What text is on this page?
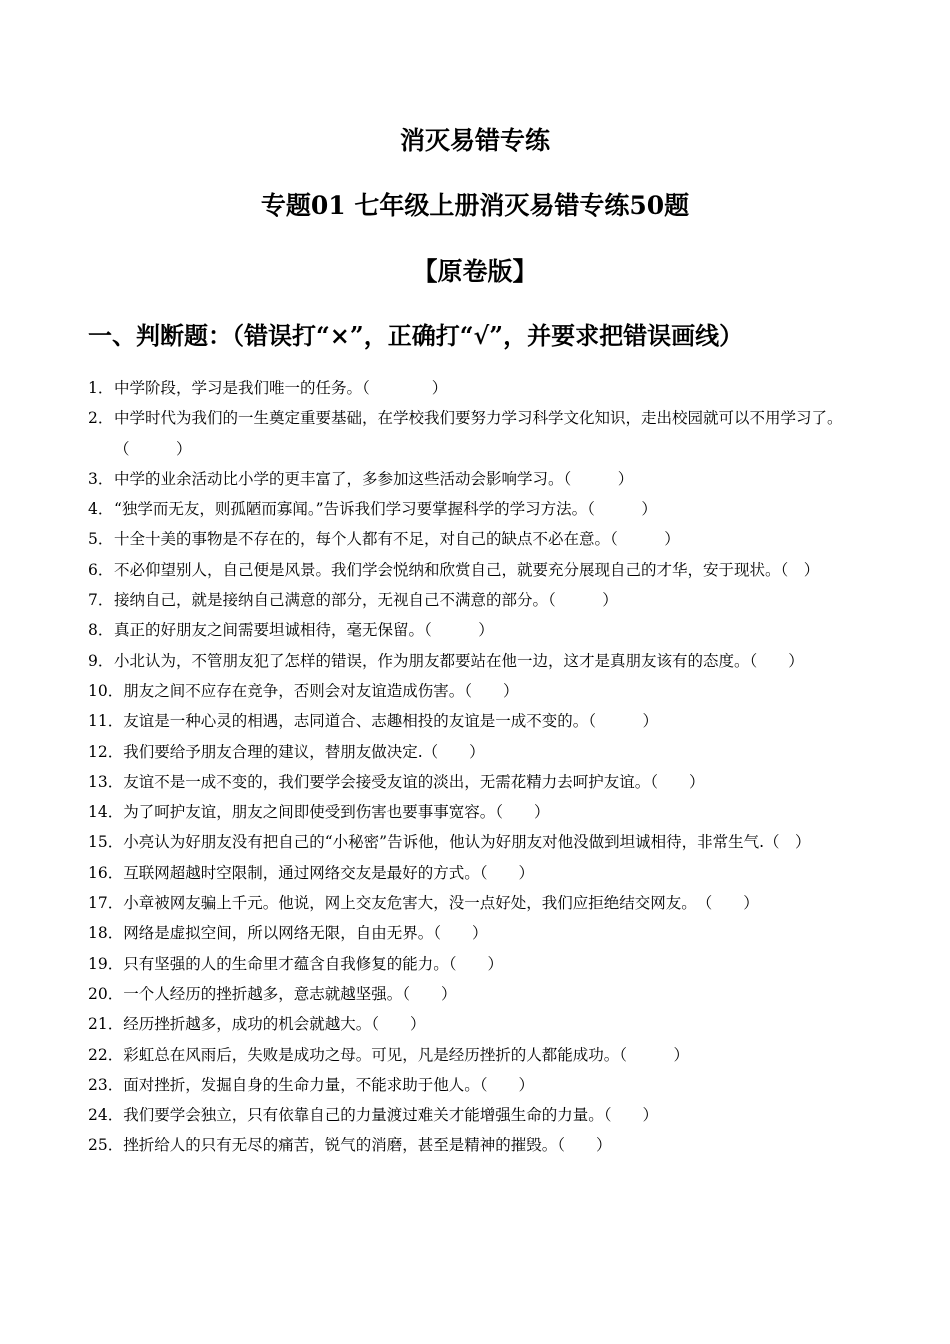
消灭易错专练
专题01 七年级上册消灭易错专练50题
【原卷版】
一、判断题：（错误打“×”，正确打“√”，并要求把错误画线）
1．中学阶段，学习是我们唯一的任务。（　　　　）
2．中学时代为我们的一生奠定重要基础，在学校我们要努力学习科学文化知识，走出校园就可以不用学习了。（　　　）
3．中学的业余活动比小学的更丰富了，多参加这些活动会影响学习。（　　　）
4．“独学而无友，则孤陋而寡闻。”告诉我们学习要掌握科学的学习方法。（　　　）
5．十全十美的事物是不存在的，每个人都有不足，对自己的缺点不必在意。（　　　）
6．不必仰望别人，自己便是风景。我们学会悦纳和欣赏自己，就要充分展现自己的才华，安于现状。（　）
7．接纳自己，就是接纳自己满意的部分，无视自己不满意的部分。（　　　）
8．真正的好朋友之间需要坦诚相待，毫无保留。（　　　）
9．小北认为，不管朋友犯了怎样的错误，作为朋友都要站在他一边，这才是真朋友该有的态度。（　　）
10．朋友之间不应存在竞争，否则会对友谊造成伤害。（　　）
11．友谊是一种心灵的相遇，志同道合、志趣相投的友谊是一成不变的。（　　　）
12．我们要给予朋友合理的建议，替朋友做决定.（　　）
13．友谊不是一成不变的，我们要学会接受友谊的淡出，无需花精力去呵护友谊。（　　）
14．为了呵护友谊，朋友之间即使受到伤害也要事事宽容。（　　）
15．小亮认为好朋友没有把自己的“小秘密”告诉他，他认为好朋友对他没做到坦诚相待，非常生气.（　）
16．互联网超越时空限制，通过网络交友是最好的方式。（　　）
17．小章被网友骗上千元。他说，网上交友危害大，没一点好处，我们应拒绝结交网友。　（　　）
18．网络是虚拟空间，所以网络无限，自由无界。（　　）
19．只有坚强的人的生命里才蕴含自我修复的能力。（　　）
20．一个人经历的挫折越多，意志就越坚强。（　　）
21．经历挫折越多，成功的机会就越大。（　　）
22．彩虹总在风雨后，失败是成功之母。可见，凡是经历挫折的人都能成功。（　　　）
23．面对挫折，发掘自身的生命力量，不能求助于他人。（　　）
24．我们要学会独立，只有依靠自己的力量渡过难关才能增强生命的力量。（　　）
25．挫折给人的只有无尽的痛苦，锐气的消磨，甚至是精神的摧毁。（　　）
